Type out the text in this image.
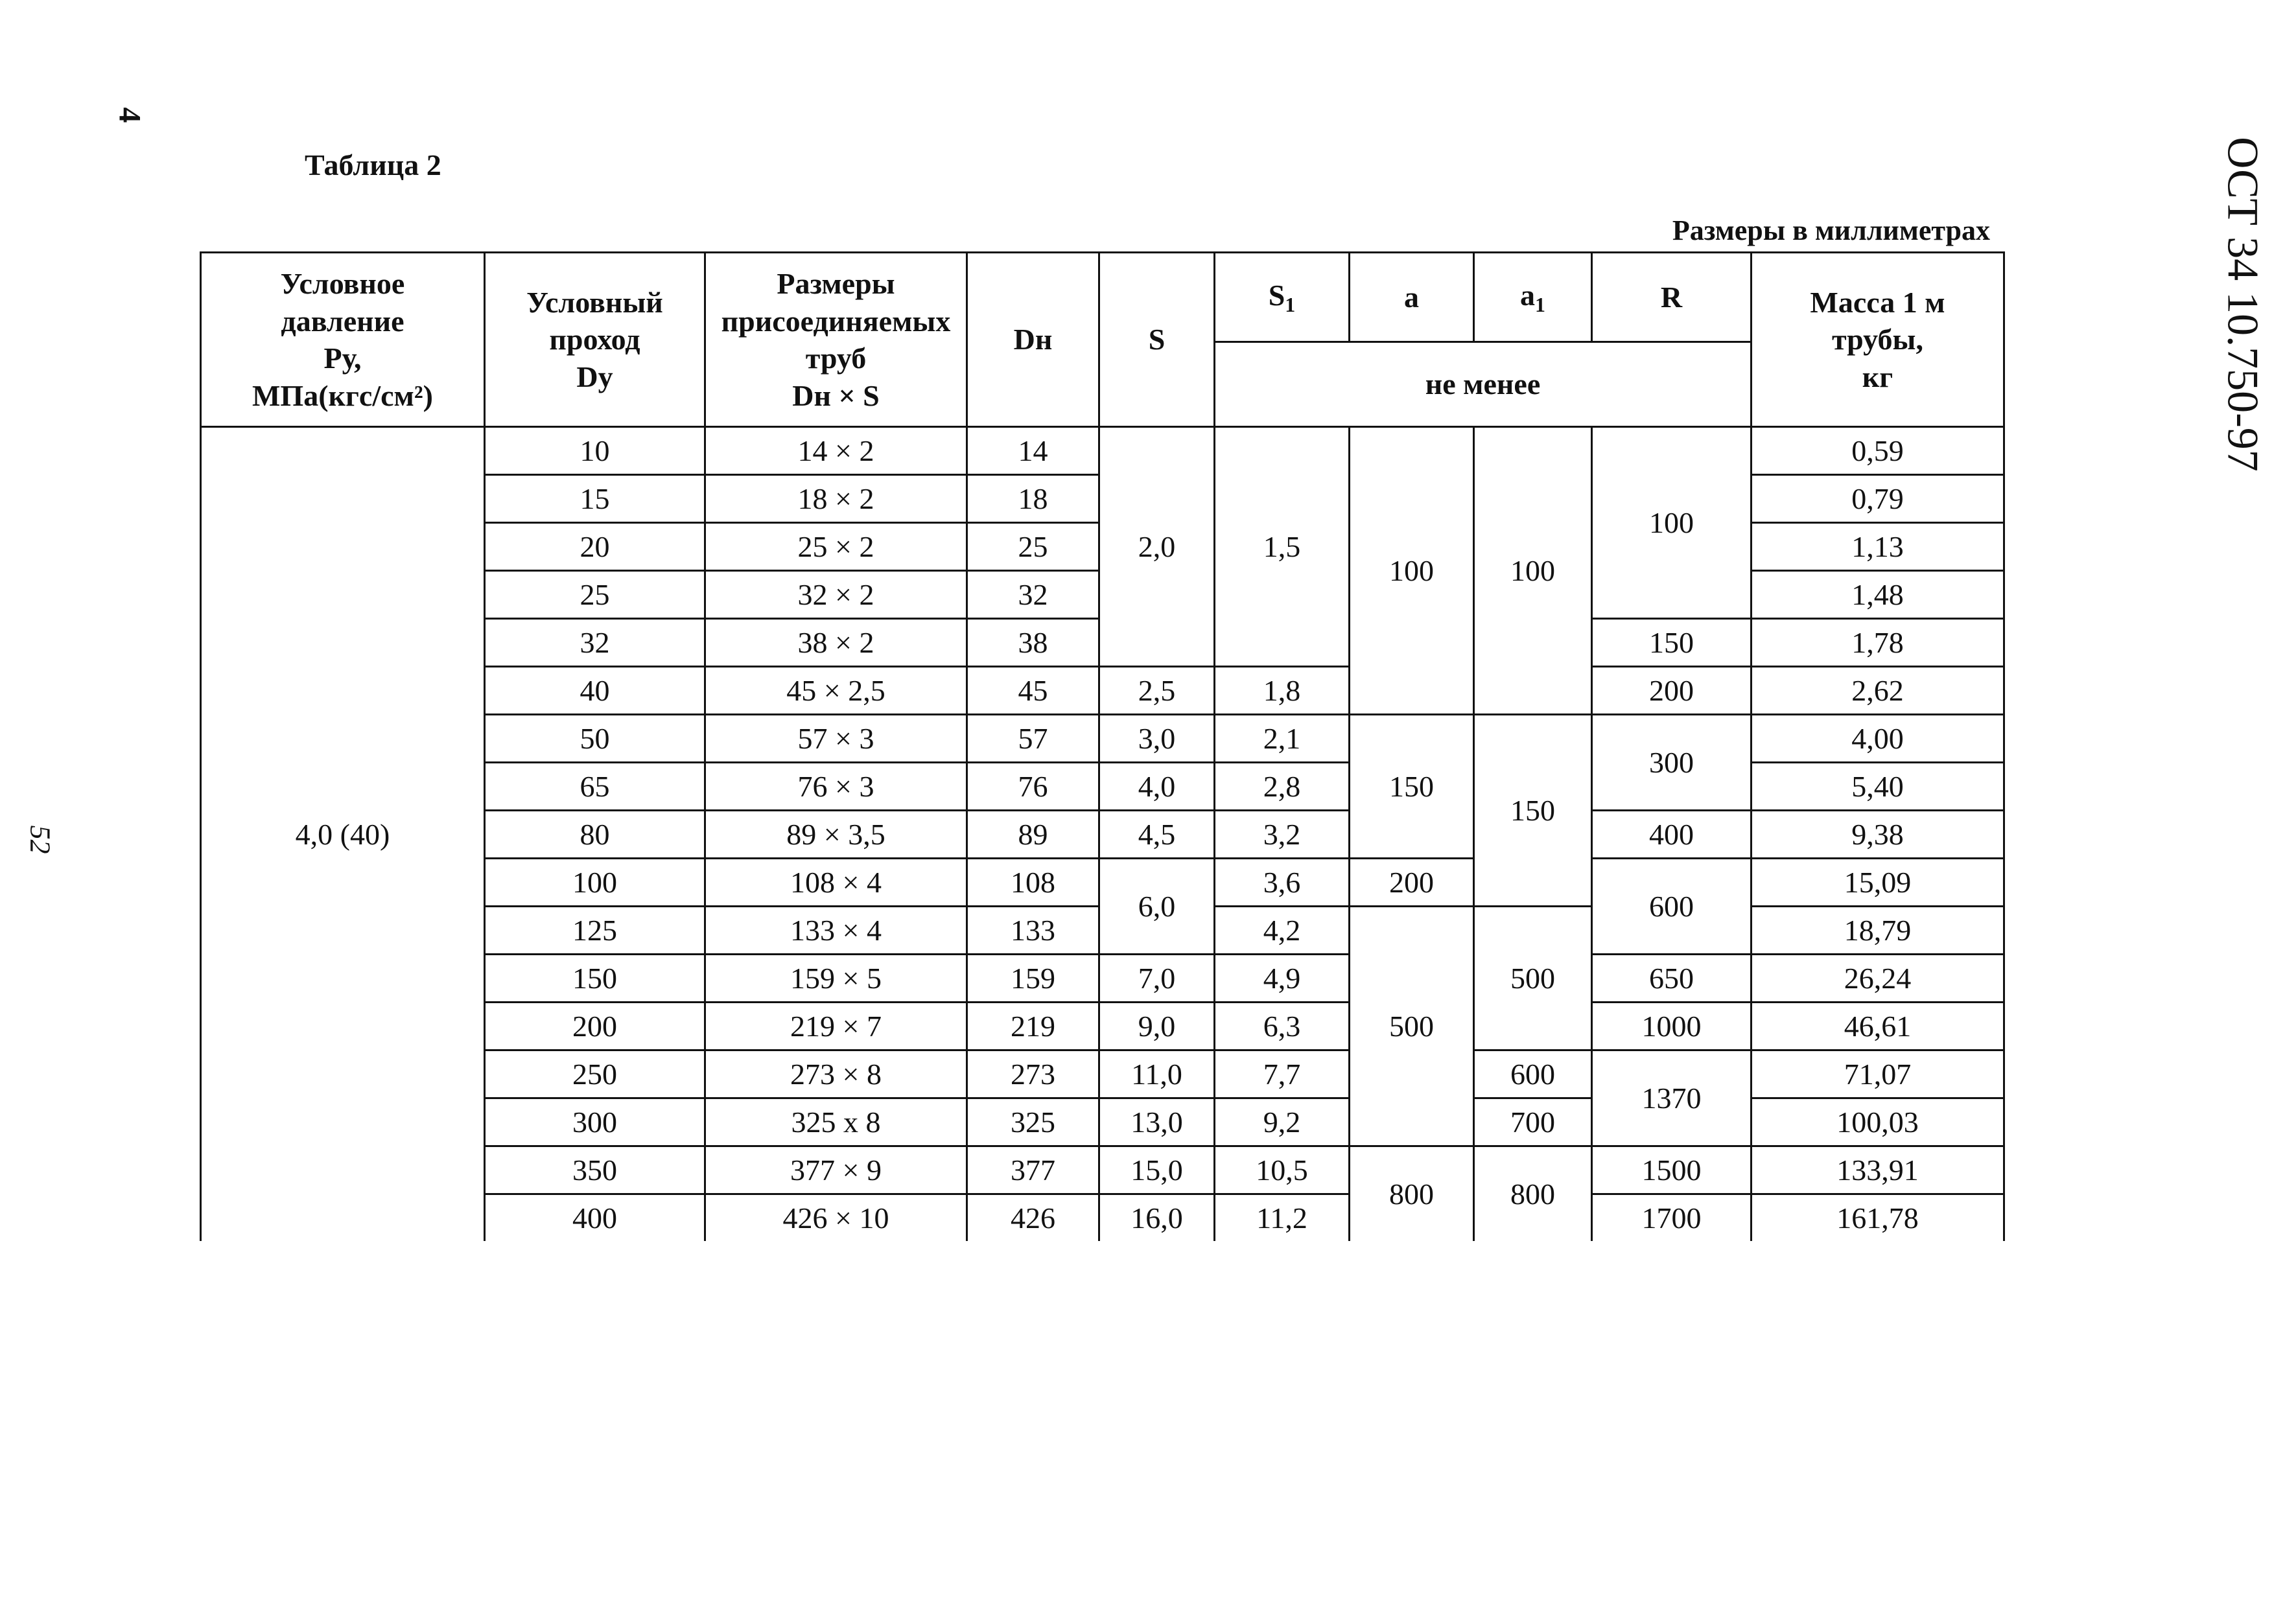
4
ОСТ 34 10.750-97
52
Таблица 2
Размеры в миллиметрах
Условное
давление
Ру,
МПа(кгс/см²)	Условный
проход
Dy	Размеры
присоединяемых
труб
Dн × S	Dн	S	$S_1$	a	$a_1$	R	Масса 1 м
трубы,
кг

					не менее				
4,0 (40)	10	14 × 2	14	2,0	1,5	100	100	100	0,59
	15	18 × 2	18						0,79
	20	25 × 2	25						1,13
	25	32 × 2	32						1,48
	32	38 × 2	38					150	1,78
	40	45 × 2,5	45	2,5	1,8			200	2,62
	50	57 × 3	57	3,0	2,1	150	150	300	4,00
	65	76 × 3	76	4,0	2,8				5,40
	80	89 × 3,5	89	4,5	3,2			400	9,38
	100	108 × 4	108	6,0	3,6	200		600	15,09
	125	133 × 4	133		4,2	500	500		18,79
	150	159 × 5	159	7,0	4,9			650	26,24
	200	219 × 7	219	9,0	6,3			1000	46,61
	250	273 × 8	273	11,0	7,7		600	1370	71,07
	300	325 x 8	325	13,0	9,2		700		100,03
	350	377 × 9	377	15,0	10,5	800	800	1500	133,91
	400	426 × 10	426	16,0	11,2			1700	161,78
